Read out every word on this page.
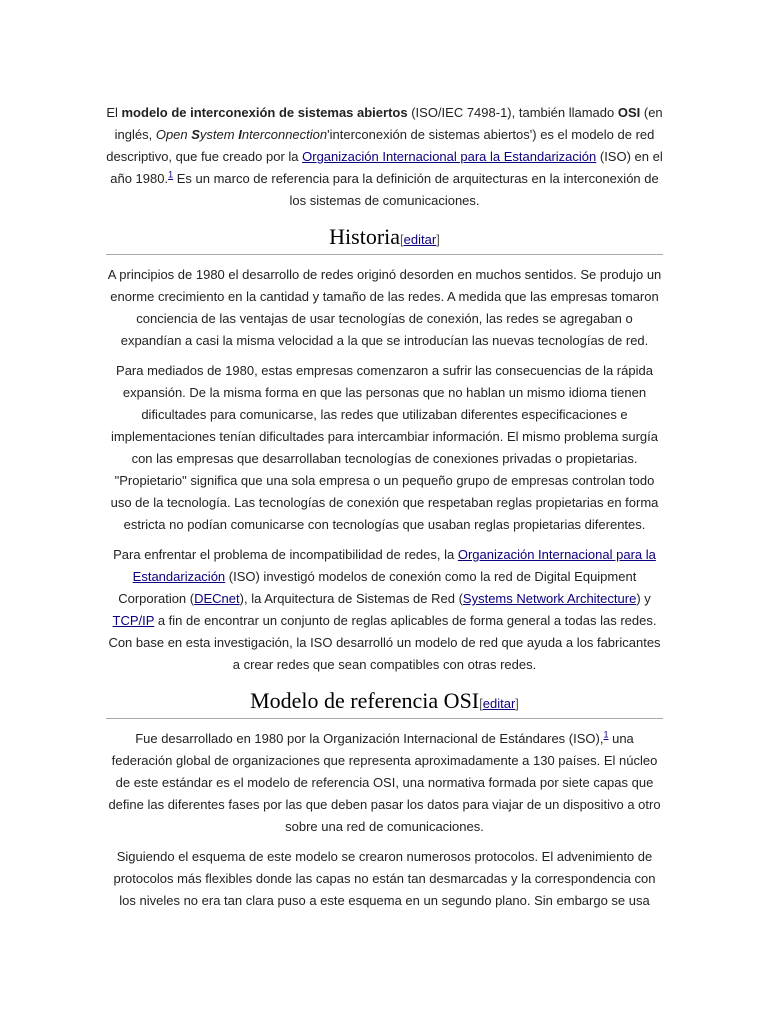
El modelo de interconexión de sistemas abiertos (ISO/IEC 7498-1), también llamado OSI (en inglés, Open System Interconnection'interconexión de sistemas abiertos') es el modelo de red descriptivo, que fue creado por la Organización Internacional para la Estandarización (ISO) en el año 1980.$^1$ Es un marco de referencia para la definición de arquitecturas en la interconexión de los sistemas de comunicaciones.

Historia[editar]

A principios de 1980 el desarrollo de redes originó desorden en muchos sentidos. Se produjo un enorme crecimiento en la cantidad y tamaño de las redes. A medida que las empresas tomaron conciencia de las ventajas de usar tecnologías de conexión, las redes se agregaban o expandían a casi la misma velocidad a la que se introducían las nuevas tecnologías de red.

Para mediados de 1980, estas empresas comenzaron a sufrir las consecuencias de la rápida expansión. De la misma forma en que las personas que no hablan un mismo idioma tienen dificultades para comunicarse, las redes que utilizaban diferentes especificaciones e implementaciones tenían dificultades para intercambiar información. El mismo problema surgía con las empresas que desarrollaban tecnologías de conexiones privadas o propietarias. "Propietario" significa que una sola empresa o un pequeño grupo de empresas controlan todo uso de la tecnología. Las tecnologías de conexión que respetaban reglas propietarias en forma estricta no podían comunicarse con tecnologías que usaban reglas propietarias diferentes.

Para enfrentar el problema de incompatibilidad de redes, la Organización Internacional para la Estandarización (ISO) investigó modelos de conexión como la red de Digital Equipment Corporation (DECnet), la Arquitectura de Sistemas de Red (Systems Network Architecture) y TCP/IP a fin de encontrar un conjunto de reglas aplicables de forma general a todas las redes. Con base en esta investigación, la ISO desarrolló un modelo de red que ayuda a los fabricantes a crear redes que sean compatibles con otras redes.

Modelo de referencia OSI[editar]

Fue desarrollado en 1980 por la Organización Internacional de Estándares (ISO),$^1$ una federación global de organizaciones que representa aproximadamente a 130 países. El núcleo de este estándar es el modelo de referencia OSI, una normativa formada por siete capas que define las diferentes fases por las que deben pasar los datos para viajar de un dispositivo a otro sobre una red de comunicaciones.

Siguiendo el esquema de este modelo se crearon numerosos protocolos. El advenimiento de protocolos más flexibles donde las capas no están tan desmarcadas y la correspondencia con los niveles no era tan clara puso a este esquema en un segundo plano. Sin embargo se usa
